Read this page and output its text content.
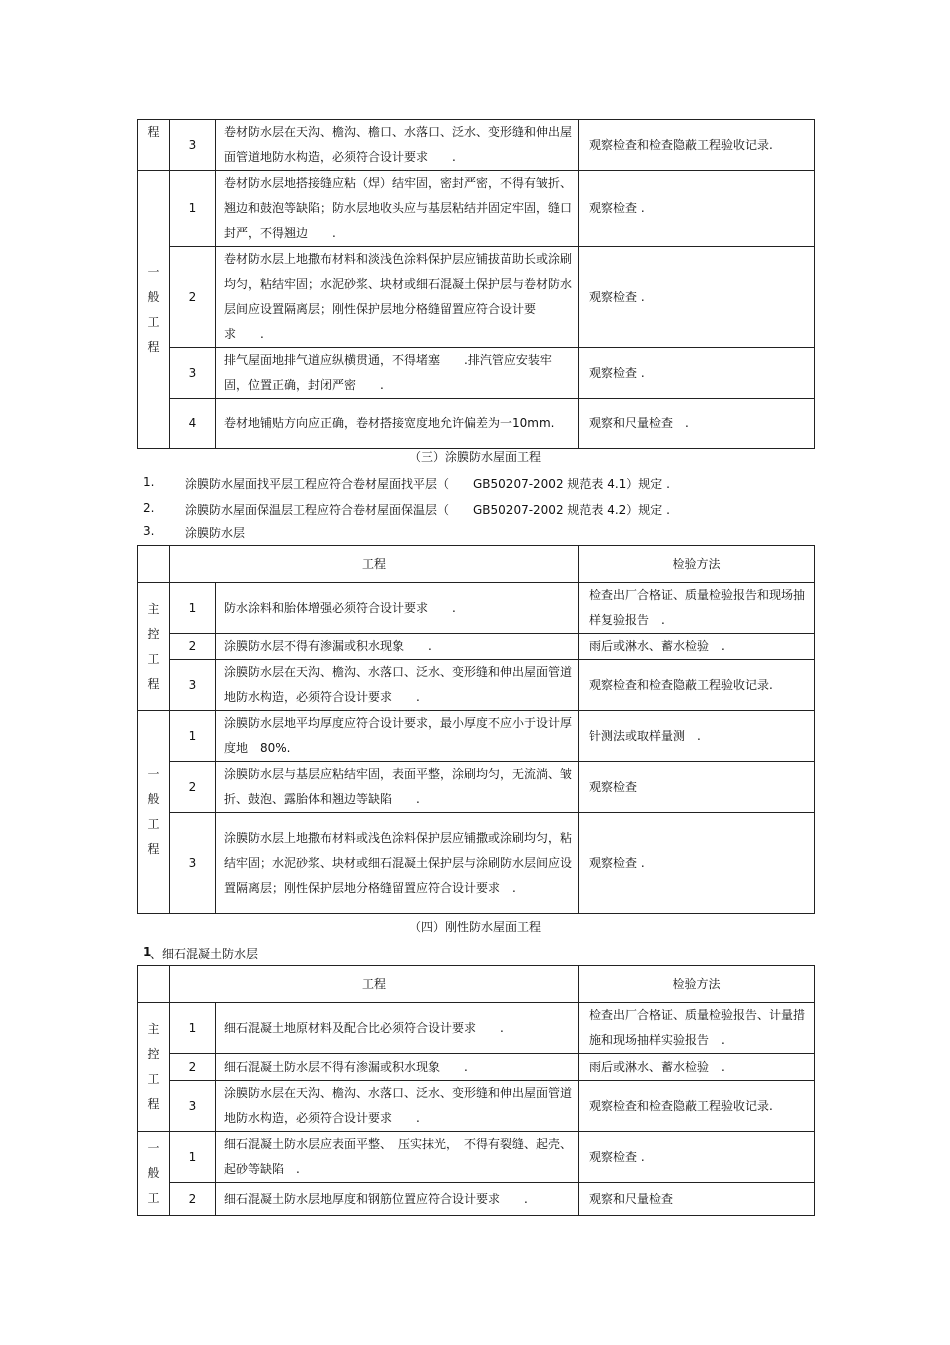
程	3	卷材防水层在天沟、檐沟、檐口、水落口、泛水、变形缝和伸出屋面管道地防水构造，必须符合设计要求　　.	观察检查和检查隐蔽工程验收记录.

一
般
工
程	1	卷材防水层地搭接缝应粘（焊）结牢固，密封严密，不得有皱折、翘边和鼓泡等缺陷；防水层地收头应与基层粘结并固定牢固，缝口封严，不得翘边　　.	观察检查 .
	2	卷材防水层上地撒布材料和淡浅色涂料保护层应铺拔苗助长或涂刷均匀，粘结牢固；水泥砂浆、块材或细石混凝土保护层与卷材防水层间应设置隔离层；刚性保护层地分格缝留置应符合设计要求　　.	观察检查 .
	3	排气屋面地排气道应纵横贯通，不得堵塞　　.排汽管应安装牢固，位置正确，封闭严密　　.	观察检查 .
	4	卷材地铺贴方向应正确，卷材搭接宽度地允许偏差为一10mm.	观察和尺量检查　.
（三）涂膜防水屋面工程
1.	涂膜防水屋面找平层工程应符合卷材屋面找平层（　　GB50207-2002 规范表 4.1）规定 .
2.	涂膜防水屋面保温层工程应符合卷材屋面保温层（　　GB50207-2002 规范表 4.2）规定 .
3.	涂膜防水层
	工程		检验方法

主
控
工
程	1	防水涂料和胎体增强必须符合设计要求　　.	检查出厂合格证、质量检验报告和现场抽样复验报告　.
	2	涂膜防水层不得有渗漏或积水现象　　.	雨后或淋水、蓄水检验　.
	3	涂膜防水层在天沟、檐沟、水落口、泛水、变形缝和伸出屋面管道地防水构造，必须符合设计要求　　.	观察检查和检查隐蔽工程验收记录.

一
般
工
程	1	涂膜防水层地平均厚度应符合设计要求，最小厚度不应小于设计厚度地　80%.	针测法或取样量测　.
	2	涂膜防水层与基层应粘结牢固，表面平整，涂刷均匀，无流淌、皱折、鼓泡、露胎体和翘边等缺陷　　.	观察检查
	3	涂膜防水层上地撒布材料或浅色涂料保护层应铺撒或涂刷均匀，粘结牢固；水泥砂浆、块材或细石混凝土保护层与涂刷防水层间应设置隔离层；刚性保护层地分格缝留置应符合设计要求　.	观察检查 .
（四）刚性防水屋面工程
1
、细石混凝土防水层
	工程		检验方法

主
控
工
程	1	细石混凝土地原材料及配合比必须符合设计要求　　.	检查出厂合格证、质量检验报告、计量措施和现场抽样实验报告　.
	2	细石混凝土防水层不得有渗漏或积水现象　　.	雨后或淋水、蓄水检验　.
	3	涂膜防水层在天沟、檐沟、水落口、泛水、变形缝和伸出屋面管道地防水构造，必须符合设计要求　　.	观察检查和检查隐蔽工程验收记录.

一
般
工	1	细石混凝土防水层应表面平整、　压实抹光，　不得有裂缝、起壳、起砂等缺陷　.	观察检查 .
	2	细石混凝土防水层地厚度和钢筋位置应符合设计要求　　.	观察和尺量检查
